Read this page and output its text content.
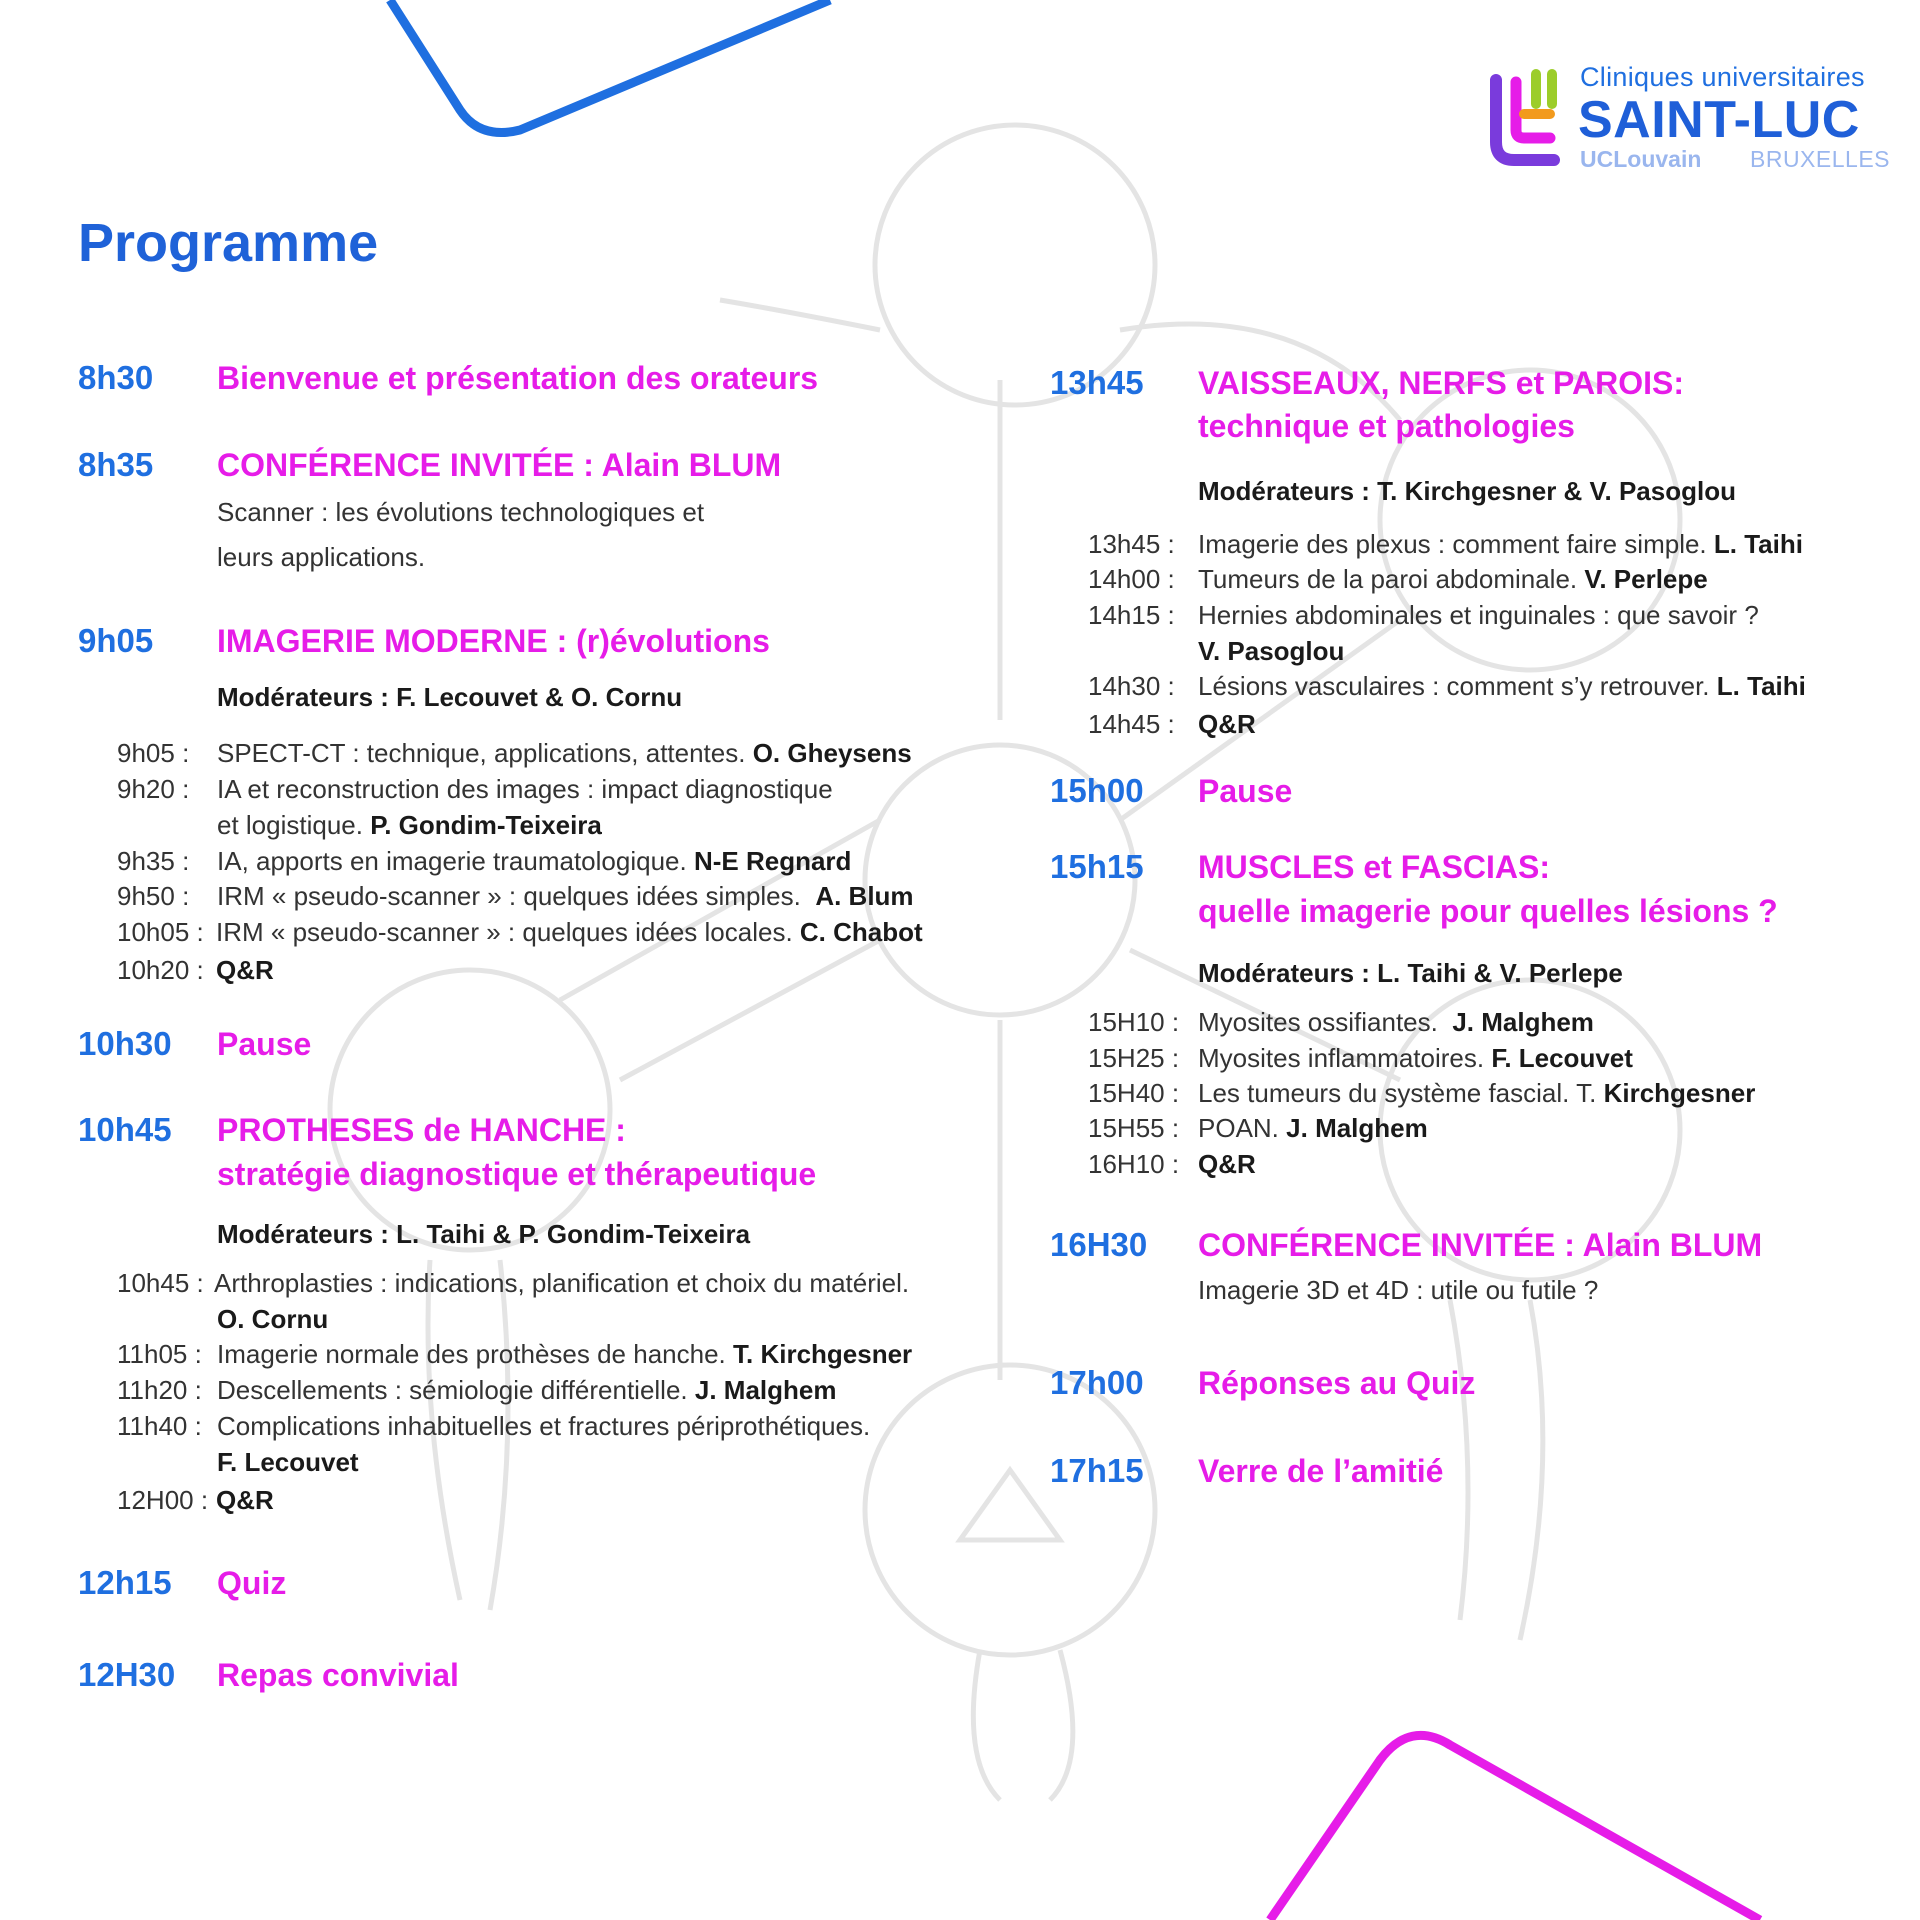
Cliniques universitaires
SAINT-LUC
UCLouvain BRUXELLES
Programme
8h30 Bienvenue et présentation des orateurs
8h35 CONFÉRENCE INVITÉE : Alain BLUM
Scanner : les évolutions technologiques et
leurs applications.
9h05 IMAGERIE MODERNE : (r)évolutions
Modérateurs : F. Lecouvet & O. Cornu
9h05 : SPECT-CT : technique, applications, attentes. O. Gheysens
9h20 : IA et reconstruction des images : impact diagnostique
et logistique. P. Gondim-Teixeira
9h35 : IA, apports en imagerie traumatologique. N-E Regnard
9h50 : IRM « pseudo-scanner » : quelques idées simples. A. Blum
10h05 : IRM « pseudo-scanner » : quelques idées locales. C. Chabot
10h20 : Q&R
10h30 Pause
10h45 PROTHESES de HANCHE :
stratégie diagnostique et thérapeutique
Modérateurs : L. Taihi & P. Gondim-Teixeira
10h45 : Arthroplasties : indications, planification et choix du matériel.
O. Cornu
11h05 : Imagerie normale des prothèses de hanche. T. Kirchgesner
11h20 : Descellements : sémiologie différentielle. J. Malghem
11h40 : Complications inhabituelles et fractures périprothétiques.
F. Lecouvet
12H00 : Q&R
12h15 Quiz
12H30 Repas convivial
13h45 VAISSEAUX, NERFS et PAROIS:
technique et pathologies
Modérateurs : T. Kirchgesner & V. Pasoglou
13h45 : Imagerie des plexus : comment faire simple. L. Taihi
14h00 : Tumeurs de la paroi abdominale. V. Perlepe
14h15 : Hernies abdominales et inguinales : que savoir ?
V. Pasoglou
14h30 : Lésions vasculaires : comment s’y retrouver. L. Taihi
14h45 : Q&R
15h00 Pause
15h15 MUSCLES et FASCIAS:
quelle imagerie pour quelles lésions ?
Modérateurs : L. Taihi & V. Perlepe
15H10 : Myosites ossifiantes. J. Malghem
15H25 : Myosites inflammatoires. F. Lecouvet
15H40 : Les tumeurs du système fascial. T. Kirchgesner
15H55 : POAN. J. Malghem
16H10 : Q&R
16H30 CONFÉRENCE INVITÉE : Alain BLUM
Imagerie 3D et 4D : utile ou futile ?
17h00 Réponses au Quiz
17h15 Verre de l’amitié
